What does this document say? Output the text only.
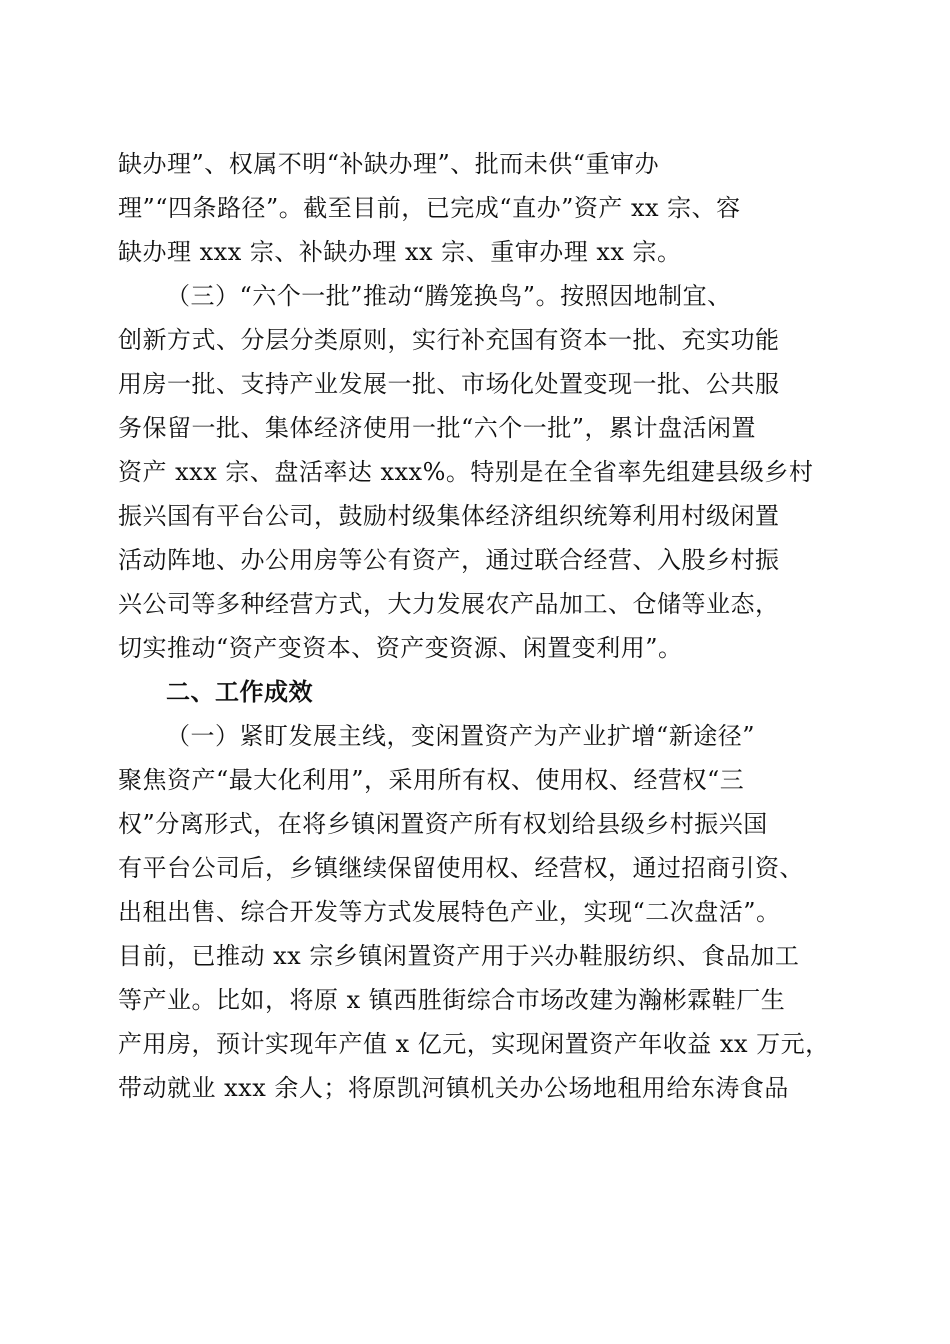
缺办理”、权属不明“补缺办理”、批而未供“重审办
理”“四条路径”。截至目前，已完成“直办”资产 xx 宗、容
缺办理 xxx 宗、补缺办理 xx 宗、重审办理 xx 宗。
（三）“六个一批”推动“腾笼换鸟”。按照因地制宜、
创新方式、分层分类原则，实行补充国有资本一批、充实功能
用房一批、支持产业发展一批、市场化处置变现一批、公共服
务保留一批、集体经济使用一批“六个一批”，累计盘活闲置
资产 xxx 宗、盘活率达 xxx%。特别是在全省率先组建县级乡村
振兴国有平台公司，鼓励村级集体经济组织统筹利用村级闲置
活动阵地、办公用房等公有资产，通过联合经营、入股乡村振
兴公司等多种经营方式，大力发展农产品加工、仓储等业态，
切实推动“资产变资本、资产变资源、闲置变利用”。
二、工作成效
（一）紧盯发展主线，变闲置资产为产业扩增“新途径”
聚焦资产“最大化利用”，采用所有权、使用权、经营权“三
权”分离形式，在将乡镇闲置资产所有权划给县级乡村振兴国
有平台公司后，乡镇继续保留使用权、经营权，通过招商引资、
出租出售、综合开发等方式发展特色产业，实现“二次盘活”。
目前，已推动 xx 宗乡镇闲置资产用于兴办鞋服纺织、食品加工
等产业。比如，将原 x 镇西胜街综合市场改建为瀚彬霖鞋厂生
产用房，预计实现年产值 x 亿元，实现闲置资产年收益 xx 万元，
带动就业 xxx 余人；将原凯河镇机关办公场地租用给东涛食品
